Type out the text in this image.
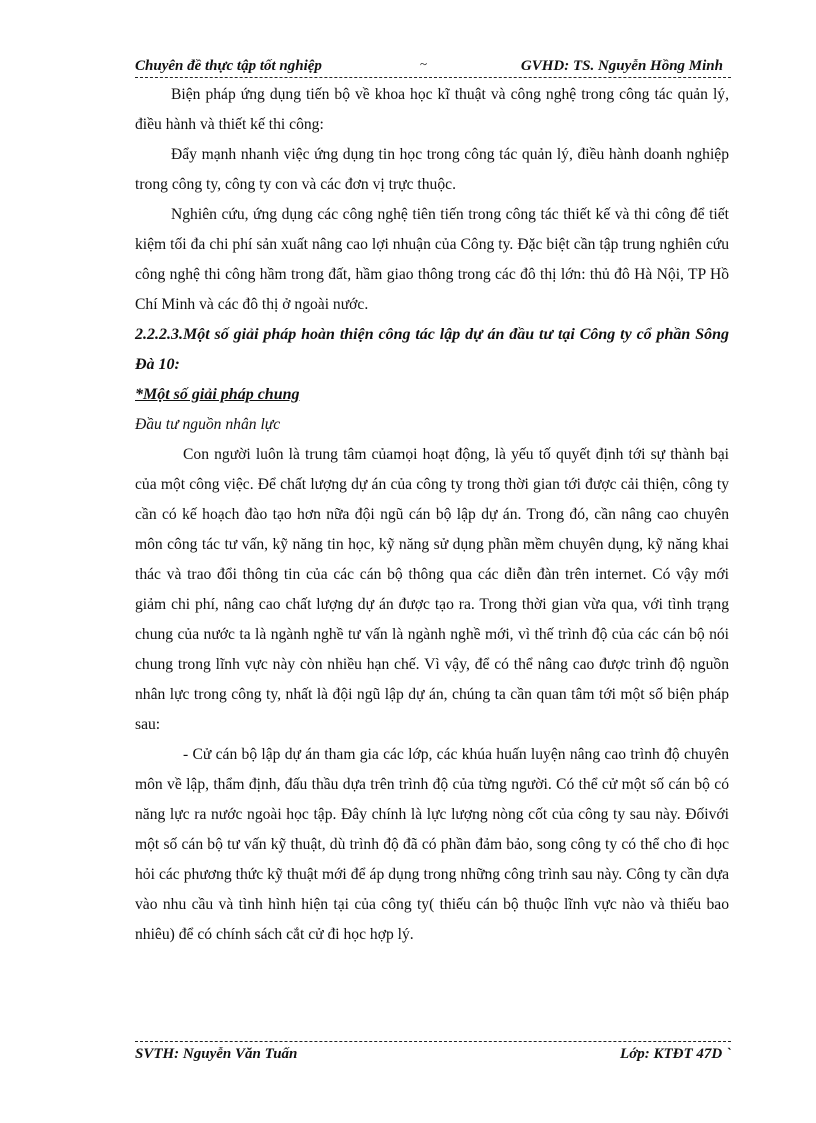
Chuyên đề thực tập tốt nghiệp	~	GVHD: TS. Nguyễn Hồng Minh

Biện pháp ứng dụng tiến bộ về khoa học kĩ thuật và công nghệ trong công tác quản lý, điều hành và thiết kế thi công:

Đẩy mạnh nhanh việc ứng dụng tin học trong công tác quản lý, điều hành doanh nghiệp trong công ty, công ty con và các đơn vị trực thuộc.

Nghiên cứu, ứng dụng các công nghệ tiên tiến trong công tác thiết kế và thi công để tiết kiệm tối đa chi phí sản xuất nâng cao lợi nhuận của Công ty. Đặc biệt cần tập trung nghiên cứu công nghệ thi công hầm trong đất, hầm giao thông trong các đô thị lớn: thủ đô Hà Nội, TP Hồ Chí Minh và các đô thị ở ngoài nước.

2.2.2.3.Một số giải pháp hoàn thiện công tác lập dự án đầu tư tại Công ty cổ phần Sông Đà 10:

*Một số giải pháp chung

Đầu tư nguồn nhân lực

Con người luôn là trung tâm củamọi hoạt động, là yếu tố quyết định tới sự thành bại của một công việc. Để chất lượng dự án của công ty trong thời gian tới được cải thiện, công ty cần có kế hoạch đào tạo hơn nữa đội ngũ cán bộ lập dự án. Trong đó, cần nâng cao chuyên môn công tác tư vấn, kỹ năng tin học, kỹ năng sử dụng phần mềm chuyên dụng, kỹ năng khai thác và trao đổi thông tin của các cán bộ thông qua các diễn đàn trên internet. Có vậy mới giảm chi phí, nâng cao chất lượng dự án được tạo ra. Trong thời gian vừa qua, với tình trạng chung của nước ta là ngành nghề tư vấn là ngành nghề mới, vì thế trình độ của các cán bộ nói chung trong lĩnh vực này còn nhiều hạn chế. Vì vậy, để có thể nâng cao được trình độ nguồn nhân lực trong công ty, nhất là đội ngũ lập dự án, chúng ta cần quan tâm tới một số biện pháp sau:

- Cử cán bộ lập dự án tham gia các lớp, các khúa huấn luyện nâng cao trình độ chuyên môn về lập, thẩm định, đấu thầu dựa trên trình độ của từng người. Có thể cử một số cán bộ có năng lực ra nước ngoài học tập. Đây chính là lực lượng nòng cốt của công ty sau này. Đốivới một số cán bộ tư vấn kỹ thuật, dù trình độ đã có phần đảm bảo, song công ty có thể cho đi học hỏi các phương thức kỹ thuật mới để áp dụng trong những công trình sau này. Công ty cần dựa vào nhu cầu và tình hình hiện tại của công ty( thiếu cán bộ thuộc lĩnh vực nào và thiếu bao nhiêu) để có chính sách cắt cử đi học hợp lý.

SVTH: Nguyễn Văn Tuấn	Lớp: KTĐT 47D `
